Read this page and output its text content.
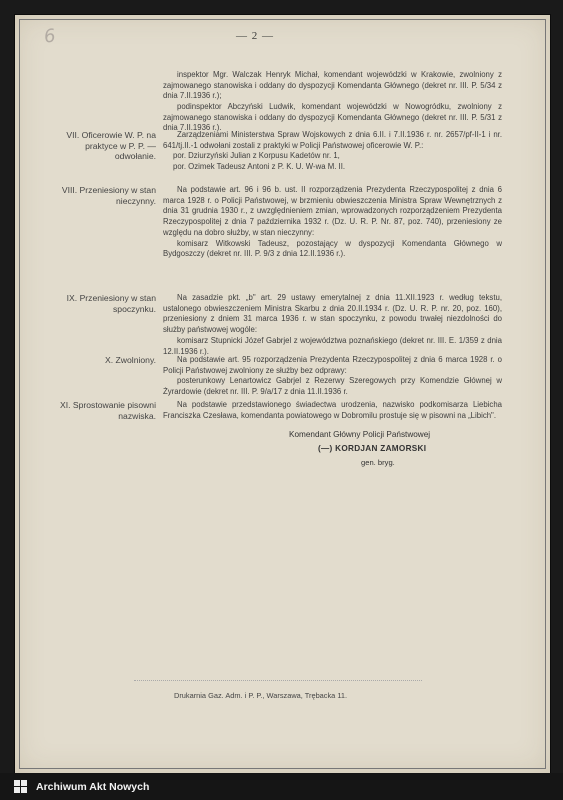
6	— 2 —

inspektor Mgr. Walczak Henryk Michał, komendant wojewódzki w Krakowie, zwolniony z zajmowanego stanowiska i oddany do dyspozycji Komendanta Głównego (dekret nr. III. P. 5/34 z dnia 7.II.1936 r.);

podinspektor Abczyński Ludwik, komendant wojewódzki w Nowogródku, zwolniony z zajmowanego stanowiska i oddany do dyspozycji Komendanta Głównego (dekret nr. III. P. 5/31 z dnia 7.II.1936 r.).

VII. Oficerowie W. P. na praktyce w P. P. — odwołanie.

Zarządzeniami Ministerstwa Spraw Wojskowych z dnia 6.II. i 7.II.1936 r. nr. 2657/pf-II-1 i nr. 641/tj.II.-1 odwołani zostali z praktyki w Policji Państwowej oficerowie W. P.:

por. Dziurzyński Julian z Korpusu Kadetów nr. 1,

por. Ozimek Tadeusz Antoni z P. K. U. W-wa M. II.

VIII. Przeniesiony w stan nieczynny.

Na podstawie art. 96 i 96 b. ust. II rozporządzenia Prezydenta Rzeczypospolitej z dnia 6 marca 1928 r. o Policji Państwowej, w brzmieniu obwieszczenia Ministra Spraw Wewnętrznych z dnia 31 grudnia 1930 r., z uwzględnieniem zmian, wprowadzonych rozporządzeniem Prezydenta Rzeczypospolitej z dnia 7 października 1932 r. (Dz. U. R. P. Nr. 87, poz. 740), przeniesiony ze względu na dobro służby, w stan nieczynny:

komisarz Witkowski Tadeusz, pozostający w dyspozycji Komendanta Głównego w Bydgoszczy (dekret nr. III. P. 9/3 z dnia 12.II.1936 r.).

IX. Przeniesiony w stan spoczynku.

Na zasadzie pkt. „b" art. 29 ustawy emerytalnej z dnia 11.XII.1923 r. według tekstu, ustalonego obwieszczeniem Ministra Skarbu z dnia 20.II.1934 r. (Dz. U. R. P. nr. 20, poz. 160), przeniesiony z dniem 31 marca 1936 r. w stan spoczynku, z powodu trwałej niezdolności do służby państwowej wogóle:

komisarz Stupnicki Józef Gabrjel z województwa poznańskiego (dekret nr. III. E. 1/359 z dnia 12.II.1936 r.).

X. Zwolniony.	Na podstawie art. 95 rozporządzenia Prezydenta Rzeczypospolitej z dnia 6 marca 1928 r. o Policji Państwowej zwolniony ze służby bez odprawy:

posterunkowy Lenartowicz Gabrjel z Rezerwy Szeregowych przy Komendzie Głównej w Żyrardowie (dekret nr. III. P. 9/a/17 z dnia 11.II.1936 r.

XI. Sprostowanie pisowni nazwiska.

Na podstawie przedstawionego świadectwa urodzenia, nazwisko podkomisarza Liebicha Franciszka Czesława, komendanta powiatowego w Dobromilu prostuje się w pisowni na „Libich".

Komendant Główny Policji Państwowej
(—) KORDJAN ZAMORSKI
gen. bryg.
Drukarnia Gaz. Adm. i P. P., Warszawa, Trębacka 11.
Archiwum Akt Nowych
